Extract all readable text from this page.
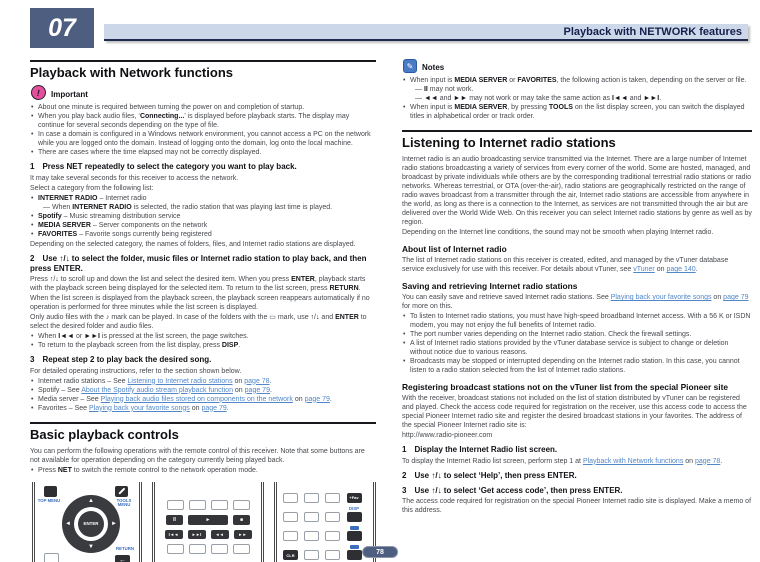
07	Playback with NETWORK features
Playback with Network functions
!	Important
• About one minute is required between turning the power on and completion of startup.
• When you play back audio files, ‘Connecting...’ is displayed before playback starts. The display may continue for several seconds depending on the type of file.
• In case a domain is configured in a Windows network environment, you cannot access a PC on the network while you are logged onto the domain. Instead of logging onto the domain, log onto the local machine.
• There are cases where the time elapsed may not be correctly displayed.

1 Press NET repeatedly to select the category you want to play back.

It may take several seconds for this receiver to access the network.

Select a category from the following list:

• INTERNET RADIO – Internet radio
— When INTERNET RADIO is selected, the radio station that was playing last time is played.
• Spotify – Music streaming distribution service
• MEDIA SERVER – Server components on the network
• FAVORITES – Favorite songs currently being registered

Depending on the selected category, the names of folders, files, and Internet radio stations are displayed.

2 Use ↑/↓ to select the folder, music files or Internet radio station to play back, and then press ENTER.

Press ↑/↓ to scroll up and down the list and select the desired item. When you press ENTER, playback starts with the playback screen being displayed for the selected item. To return to the list screen, press RETURN.

When the list screen is displayed from the playback screen, the playback screen reappears automatically if no operation is performed for three minutes while the list screen is displayed.

Only audio files with the ♪ mark can be played. In case of the folders with the ▭ mark, use ↑/↓ and ENTER to select the desired folder and audio files.

• When I◄◄ or ►►I is pressed at the list screen, the page switches.
• To return to the playback screen from the list display, press DISP.

3 Repeat step 2 to play back the desired song.

For detailed operating instructions, refer to the section shown below.

• Internet radio stations – See Listening to Internet radio stations on page 78.
• Spotify – See About the Spotify audio stream playback function on page 79.
• Media server – See Playing back audio files stored on components on the network on page 79.
• Favorites – See Playing back your favorite songs on page 79.
Basic playback controls

You can perform the following operations with the remote control of this receiver. Note that some buttons are not available for operation depending on the category currently being played back.

• Press NET to switch the remote control to the network operation mode.
TOP MENU	TOOLS MENU
▲
▼
◄	►
ENTER
RETURN
←
II	►	■
I◄◄	►►I	◄◄	►►
+Fav
DISP
CLR
✎	Notes
• When input is MEDIA SERVER or FAVORITES, the following action is taken, depending on the server or file.
— II may not work.
— ◄◄ and ►► may not work or may take the same action as I◄◄ and ►►I.
• When input is MEDIA SERVER, by pressing TOOLS on the list display screen, you can switch the displayed titles in alphabetical order or track order.
Listening to Internet radio stations

Internet radio is an audio broadcasting service transmitted via the Internet. There are a large number of Internet radio stations broadcasting a variety of services from every corner of the world. Some are hosted, managed, and broadcast by private individuals while others are by the corresponding traditional terrestrial radio stations or radio networks. Whereas terrestrial, or OTA (over-the-air), radio stations are geographically restricted on the range of radio waves broadcast from a transmitter through the air, Internet radio stations are accessible from anywhere in the world, as long as there is a connection to the Internet, as services are not transmitted through the air but are delivered over the World Wide Web. On this receiver you can select Internet radio stations by genre as well as by region.

Depending on the Internet line conditions, the sound may not be smooth when playing Internet radio.

About list of Internet radio

The list of Internet radio stations on this receiver is created, edited, and managed by the vTuner database service exclusively for use with this receiver. For details about vTuner, see vTuner on page 140.

Saving and retrieving Internet radio stations

You can easily save and retrieve saved Internet radio stations. See Playing back your favorite songs on page 79 for more on this.

• To listen to Internet radio stations, you must have high-speed broadband Internet access. With a 56 K or ISDN modem, you may not enjoy the full benefits of Internet radio.
• The port number varies depending on the Internet radio station. Check the firewall settings.
• A list of Internet radio stations provided by the vTuner database service is subject to change or deletion without notice due to various reasons.
• Broadcasts may be stopped or interrupted depending on the Internet radio station. In this case, you cannot listen to a radio station selected from the list of Internet radio stations.
Registering broadcast stations not on the vTuner list from the special Pioneer site

With the receiver, broadcast stations not included on the list of station distributed by vTuner can be registered and played. Check the access code required for registration on the receiver, use this access code to access the special Pioneer Internet radio site and register the desired broadcast stations in your favorites. The address of the special Pioneer Internet radio site is:

http://www.radio-pioneer.com

1 Display the Internet Radio list screen.

To display the Internet Radio list screen, perform step 1 at Playback with Network functions on page 78.

2 Use ↑/↓ to select ‘Help’, then press ENTER.

3 Use ↑/↓ to select ‘Get access code’, then press ENTER.

The access code required for registration on the special Pioneer Internet radio site is displayed. Make a memo of this address.

78
